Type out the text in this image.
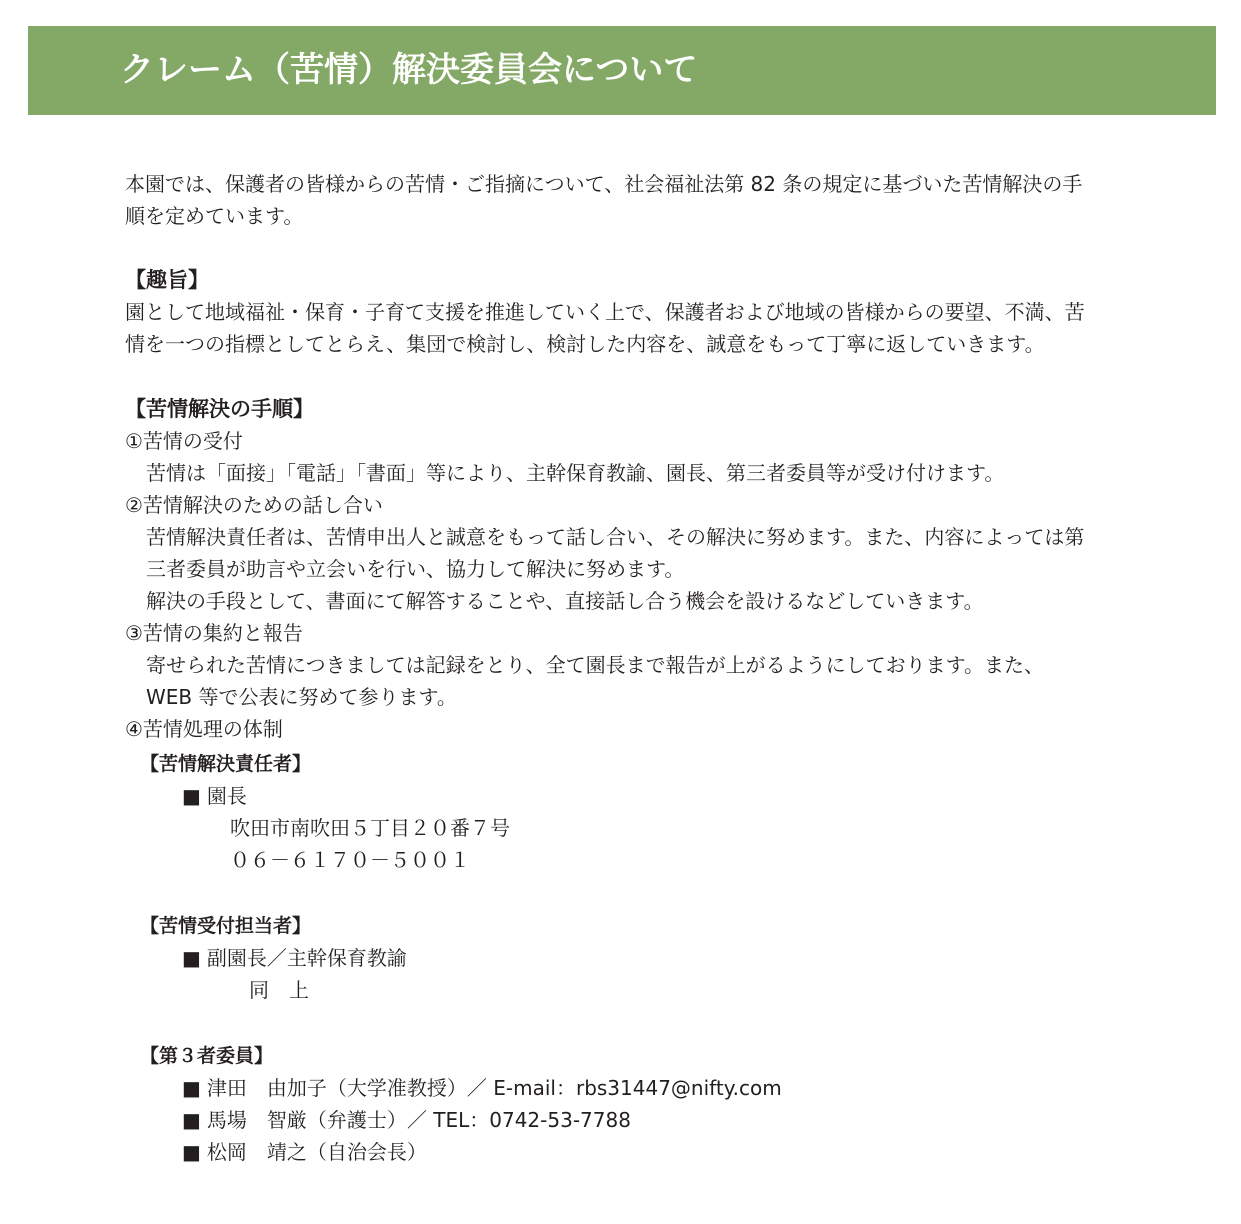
クレーム（苦情）解決委員会について
本園では、保護者の皆様からの苦情・ご指摘について、社会福祉法第 82 条の規定に基づいた苦情解決の手
順を定めています。
【趣旨】
園として地域福祉・保育・子育て支援を推進していく上で、保護者および地域の皆様からの要望、不満、苦
情を一つの指標としてとらえ、集団で検討し、検討した内容を、誠意をもって丁寧に返していきます。
【苦情解決の手順】
①苦情の受付
苦情は「面接」「電話」「書面」等により、主幹保育教諭、園長、第三者委員等が受け付けます。
②苦情解決のための話し合い
苦情解決責任者は、苦情申出人と誠意をもって話し合い、その解決に努めます。また、内容によっては第
三者委員が助言や立会いを行い、協力して解決に努めます。
解決の手段として、書面にて解答することや、直接話し合う機会を設けるなどしていきます。
③苦情の集約と報告
寄せられた苦情につきましては記録をとり、全て園長まで報告が上がるようにしております。また、
WEB 等で公表に努めて参ります。
④苦情処理の体制
【苦情解決責任者】
■ 園長
吹田市南吹田５丁目２０番７号
０６－６１７０－５００１
【苦情受付担当者】
■ 副園長／主幹保育教諭
同　上
【第３者委員】
■ 津田　由加子（大学准教授）／ E-mail：rbs31447@nifty.com
■ 馬場　智厳（弁護士）／ TEL：0742-53-7788
■ 松岡　靖之（自治会長）
